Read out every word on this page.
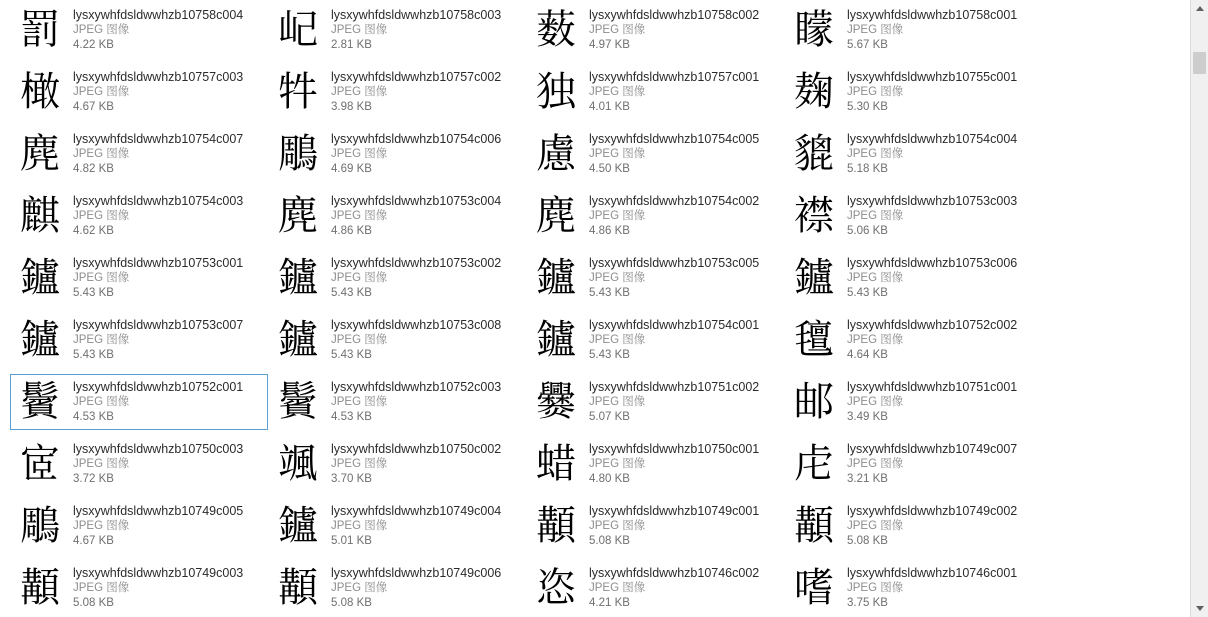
罰	lysxywhfdsldwwhzb10758c004
JPEG 图像
4.22 KB	屺	lysxywhfdsldwwhzb10758c003
JPEG 图像
2.81 KB	薮	lysxywhfdsldwwhzb10758c002
JPEG 图像
4.97 KB	矇	lysxywhfdsldwwhzb10758c001
JPEG 图像
5.67 KB
橄	lysxywhfdsldwwhzb10757c003
JPEG 图像
4.67 KB	牪	lysxywhfdsldwwhzb10757c002
JPEG 图像
3.98 KB	独	lysxywhfdsldwwhzb10757c001
JPEG 图像
4.01 KB	麹	lysxywhfdsldwwhzb10755c001
JPEG 图像
5.30 KB
麂	lysxywhfdsldwwhzb10754c007
JPEG 图像
4.82 KB	鵰	lysxywhfdsldwwhzb10754c006
JPEG 图像
4.69 KB	慮	lysxywhfdsldwwhzb10754c005
JPEG 图像
4.50 KB	貔	lysxywhfdsldwwhzb10754c004
JPEG 图像
5.18 KB
麒	lysxywhfdsldwwhzb10754c003
JPEG 图像
4.62 KB	麂	lysxywhfdsldwwhzb10753c004
JPEG 图像
4.86 KB	麂	lysxywhfdsldwwhzb10754c002
JPEG 图像
4.86 KB	襟	lysxywhfdsldwwhzb10753c003
JPEG 图像
5.06 KB
鑪	lysxywhfdsldwwhzb10753c001
JPEG 图像
5.43 KB	鑪	lysxywhfdsldwwhzb10753c002
JPEG 图像
5.43 KB	鑪	lysxywhfdsldwwhzb10753c005
JPEG 图像
5.43 KB	鑪	lysxywhfdsldwwhzb10753c006
JPEG 图像
5.43 KB
鑪	lysxywhfdsldwwhzb10753c007
JPEG 图像
5.43 KB	鑪	lysxywhfdsldwwhzb10753c008
JPEG 图像
5.43 KB	鑪	lysxywhfdsldwwhzb10754c001
JPEG 图像
5.43 KB	氊	lysxywhfdsldwwhzb10752c002
JPEG 图像
4.64 KB
鬢	lysxywhfdsldwwhzb10752c001
JPEG 图像
4.53 KB	鬢	lysxywhfdsldwwhzb10752c003
JPEG 图像
4.53 KB	爨	lysxywhfdsldwwhzb10751c002
JPEG 图像
5.07 KB	邮	lysxywhfdsldwwhzb10751c001
JPEG 图像
3.49 KB
宧	lysxywhfdsldwwhzb10750c003
JPEG 图像
3.72 KB	颯	lysxywhfdsldwwhzb10750c002
JPEG 图像
3.70 KB	蜡	lysxywhfdsldwwhzb10750c001
JPEG 图像
4.80 KB	虍	lysxywhfdsldwwhzb10749c007
JPEG 图像
3.21 KB
鵰	lysxywhfdsldwwhzb10749c005
JPEG 图像
4.67 KB	鑪	lysxywhfdsldwwhzb10749c004
JPEG 图像
5.01 KB	顜	lysxywhfdsldwwhzb10749c001
JPEG 图像
5.08 KB	顜	lysxywhfdsldwwhzb10749c002
JPEG 图像
5.08 KB
顜	lysxywhfdsldwwhzb10749c003
JPEG 图像
5.08 KB	顜	lysxywhfdsldwwhzb10749c006
JPEG 图像
5.08 KB	恣	lysxywhfdsldwwhzb10746c002
JPEG 图像
4.21 KB	嗜	lysxywhfdsldwwhzb10746c001
JPEG 图像
3.75 KB
